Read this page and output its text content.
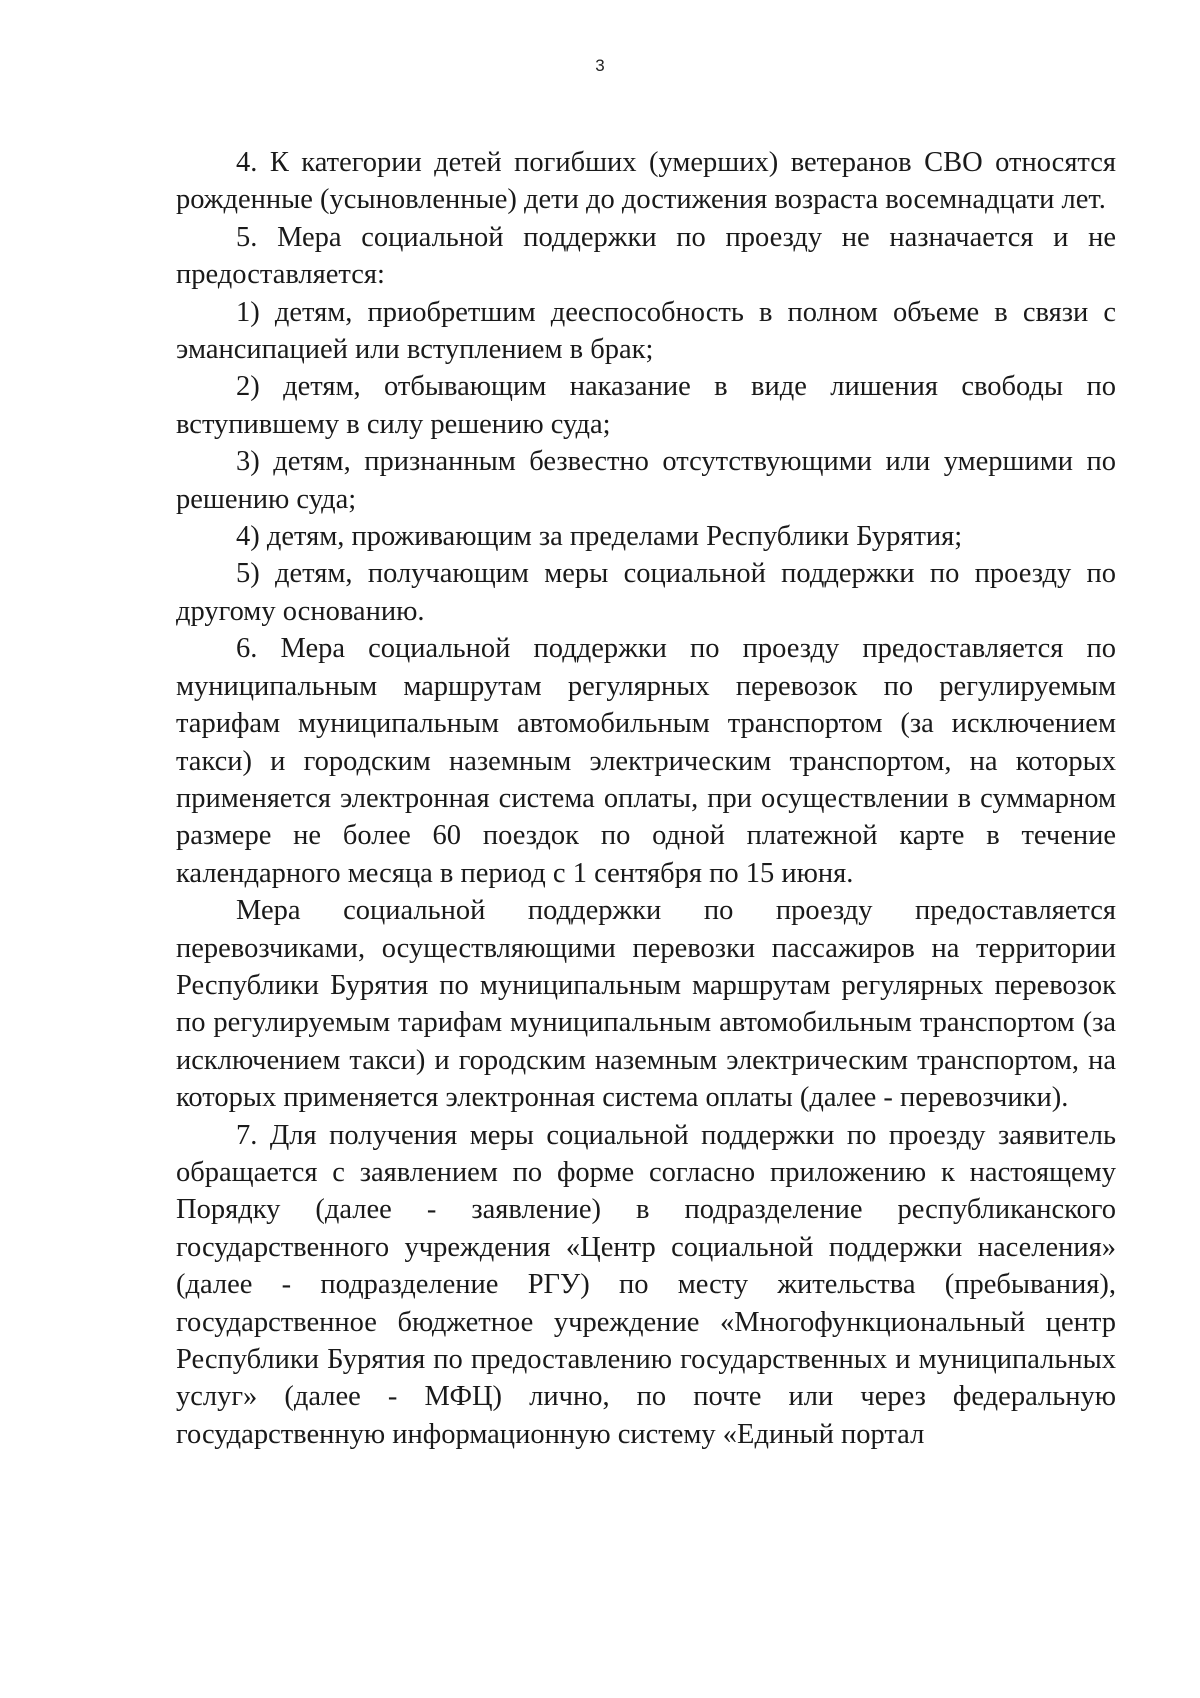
3

4. К категории детей погибших (умерших) ветеранов СВО относятся рожденные (усыновленные) дети до достижения возраста восемнадцати лет.

5. Мера социальной поддержки по проезду не назначается и не предоставляется:

1) детям, приобретшим дееспособность в полном объеме в связи с эмансипацией или вступлением в брак;

2) детям, отбывающим наказание в виде лишения свободы по вступившему в силу решению суда;

3) детям, признанным безвестно отсутствующими или умершими по решению суда;

4) детям, проживающим за пределами Республики Бурятия;

5) детям, получающим меры социальной поддержки по проезду по другому основанию.

6. Мера социальной поддержки по проезду предоставляется по муниципальным маршрутам регулярных перевозок по регулируемым тарифам муниципальным автомобильным транспортом (за исключением такси) и городским наземным электрическим транспортом, на которых применяется электронная система оплаты, при осуществлении в суммарном размере не более 60 поездок по одной платежной карте в течение календарного месяца в период с 1 сентября по 15 июня.

Мера социальной поддержки по проезду предоставляется перевозчиками, осуществляющими перевозки пассажиров на территории Республики Бурятия по муниципальным маршрутам регулярных перевозок по регулируемым тарифам муниципальным автомобильным транспортом (за исключением такси) и городским наземным электрическим транспортом, на которых применяется электронная система оплаты (далее - перевозчики).

7. Для получения меры социальной поддержки по проезду заявитель обращается с заявлением по форме согласно приложению к настоящему Порядку (далее - заявление) в подразделение республиканского государственного учреждения «Центр социальной поддержки населения» (далее - подразделение РГУ) по месту жительства (пребывания), государственное бюджетное учреждение «Многофункциональный центр Республики Бурятия по предоставлению государственных и муниципальных услуг» (далее - МФЦ) лично, по почте или через федеральную государственную информационную систему «Единый портал
